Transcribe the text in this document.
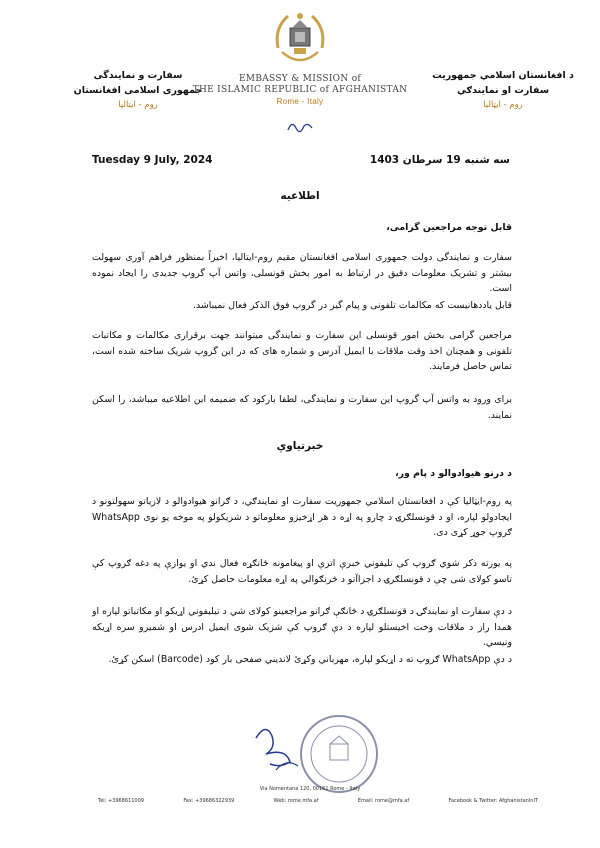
د افغانستان اسلامي جمهوریت
سفارت او نمایندګي
روم - ایټالیا
سفارت و نمایندگی
جمهوری اسلامی افغانستان
روم - ایتالیا
EMBASSY & MISSION of
THE ISLAMIC REPUBLIC of AFGHANISTAN
Rome - Italy
Tuesday 9 July, 2024	سه شنبه 19 سرطان 1403
اطلاعیه
قابل توجه مراجعین گرامی،
سفارت و نمایندگی دولت جمهوری اسلامی افغانستان مقیم روم-ایتالیا، اخیراً بمنظور فراهم آوری سهولت بیشتر و تشریک معلومات دقیق در ارتباط به امور بخش قونسلی، واتس آپ گروپ جدیدی را ایجاد نموده است.
قابل یاددهانیست که مکالمات تلفونی و پیام گیر در گروپ فوق الذکر فعال نمیباشد.
مراجعین گرامی بخش امور قونسلی این سفارت و نمایندگی میتوانند جهت برقراری مکالمات و مکاتبات تلفونی و همچنان اخذ وقت ملاقات با ایمیل آدرس و شماره های که در این گروپ شریک ساخته شده است، تماس حاصل فرمایند.
برای ورود به واتس آپ گروپ این سفارت و نمایندگی، لطفا بارکود که ضمیمه این اطلاعیه میباشد، را اسکن نمایند.
خبرتیاوې
د درنو هیوادوالو د پام ور،
په روم-ایټالیا کې د افغانستان اسلامي جمهوریت سفارت او نمایندګي، د ګرانو هیوادوالو د لازیاتو سهولتونو د ایجادولو لپاره، او د قونسلګرۍ د چارو په اړه د هر اړخیزو معلوماتو د شریکولو په موخه یو نوی WhatsApp ګروپ جوړ کړی دی.
په یورته ذکر شوي ګروپ کې تلیفوني خبرې اترې او پیغامونه ځانګړه فعال ندي او یوازې په دغه ګروپ کې تاسو کولای شی چې د قونسلګرۍ د اجراآتو د څرنګوالي په اړه معلومات حاصل کړئ.
د دې سفارت او نمایندګۍ د قونسلګرۍ د څانګې ګرانو مراجعینو کولای شي د تیلیفوني اړیکو او مکاتباتو لپاره او همدا راز د ملاقات وخت اخیستلو لپاره د دې ګروپ کې شریک شوی ایمیل ادرس او شمیرو سره اړیکه ونیسي.
د دې WhatsApp ګروپ ته د اړیکو لپاره، مهرباني وکړئ لاندیني صفحی بار کود (Barcode) اسکن کړئ.
Via Nomentana 120, 00161 Rome - Italy
Tel: +3968611009	Fax: +39686322939	Web: rome.mfa.af	Email: rome@mfa.af	Facebook & Twitter: AfghanistanInIT
